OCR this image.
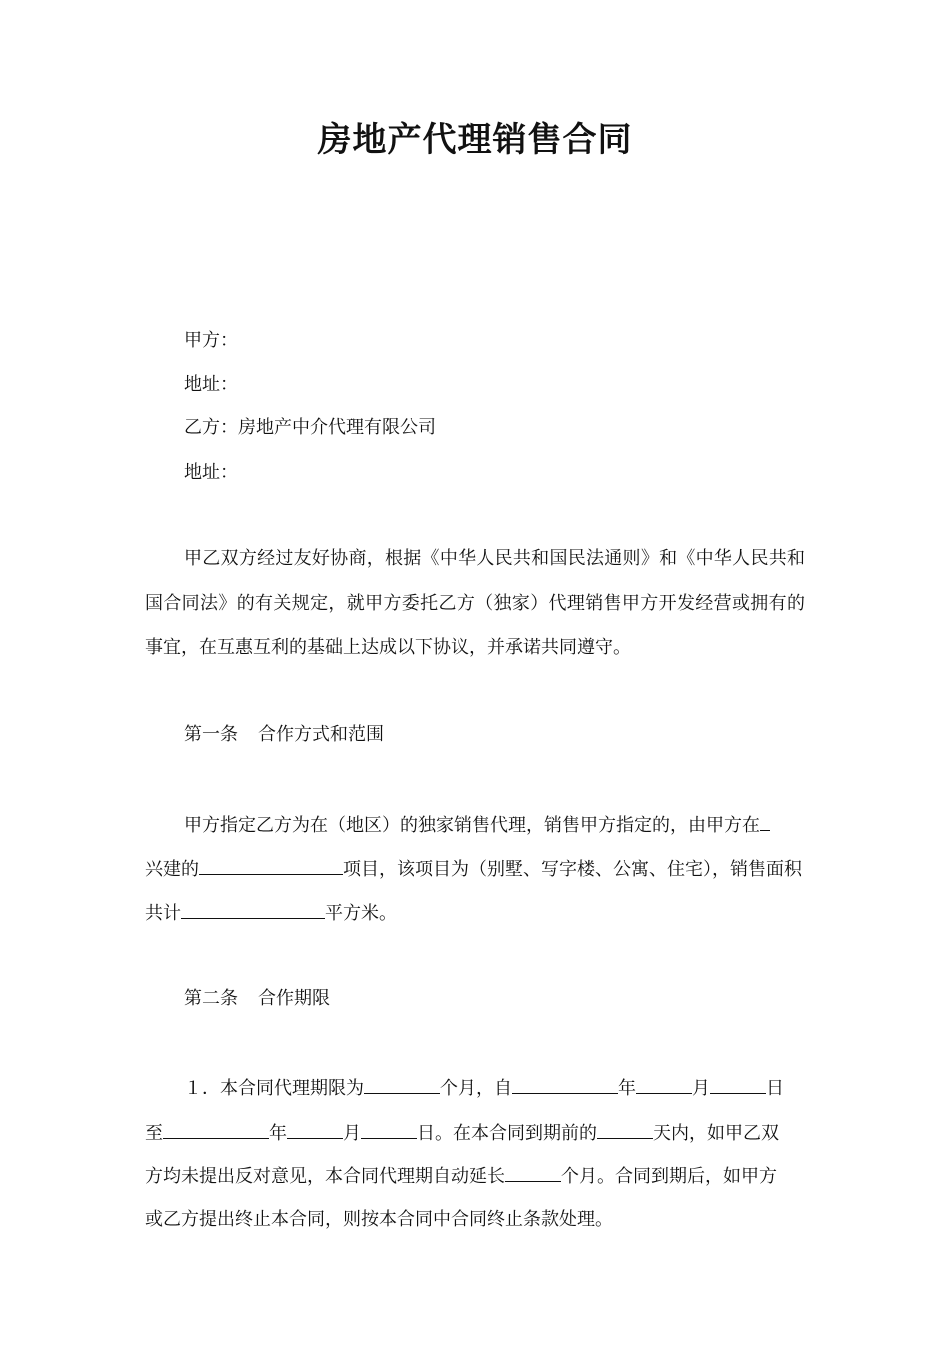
房地产代理销售合同
甲方：
地址：
乙方：房地产中介代理有限公司
地址：
甲乙双方经过友好协商，根据《中华人民共和国民法通则》和《中华人民共和
国合同法》的有关规定，就甲方委托乙方（独家）代理销售甲方开发经营或拥有的
事宜，在互惠互利的基础上达成以下协议，并承诺共同遵守。
第一条 合作方式和范围
甲方指定乙方为在（地区）的独家销售代理，销售甲方指定的，由甲方在
兴建的	项目，该项目为（别墅、写字楼、公寓、住宅），销售面积
共计	平方米。
第二条 合作期限
１．本合同代理期限为	个月，自	年	月	日
至	年	月	日。在本合同到期前的	天内，如甲乙双
方均未提出反对意见，本合同代理期自动延长	个月。合同到期后，如甲方
或乙方提出终止本合同，则按本合同中合同终止条款处理。
